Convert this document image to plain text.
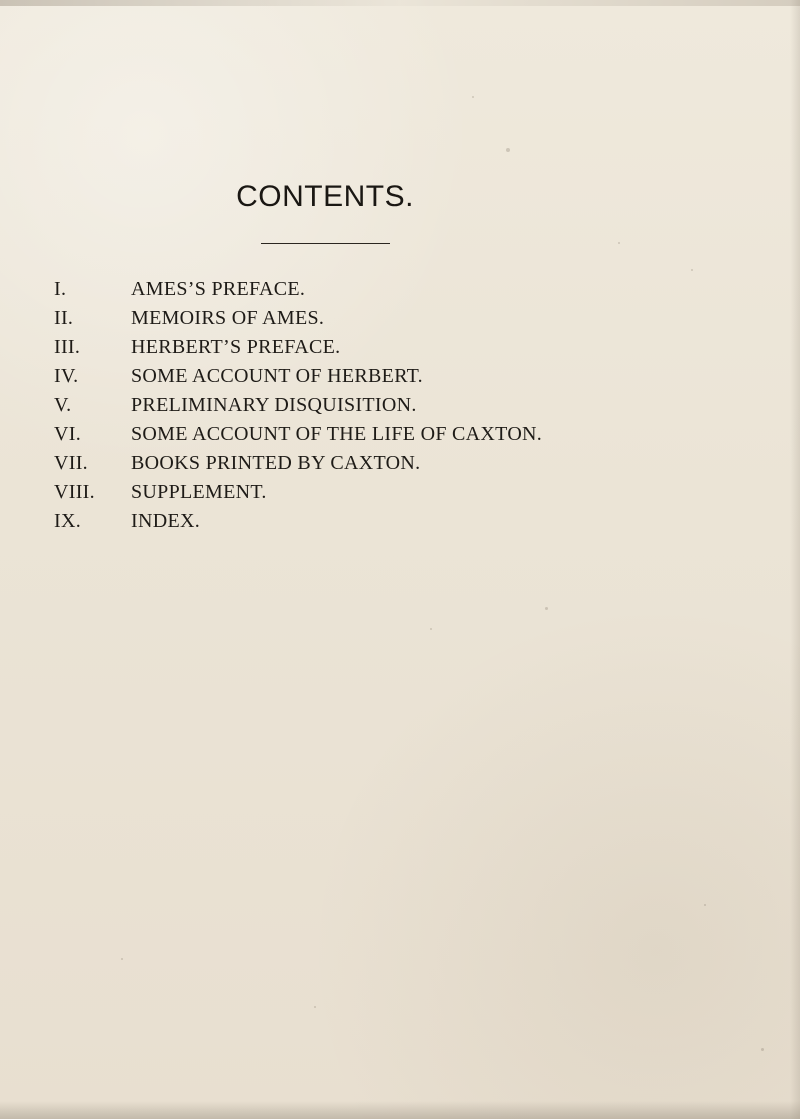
CONTENTS.
I.	AMES’S PREFACE.
II.	MEMOIRS OF AMES.
III.	HERBERT’S PREFACE.
IV.	SOME ACCOUNT OF HERBERT.
V.	PRELIMINARY DISQUISITION.
VI.	SOME ACCOUNT OF THE LIFE OF CAXTON.
VII.	BOOKS PRINTED BY CAXTON.
VIII.	SUPPLEMENT.
IX.	INDEX.
